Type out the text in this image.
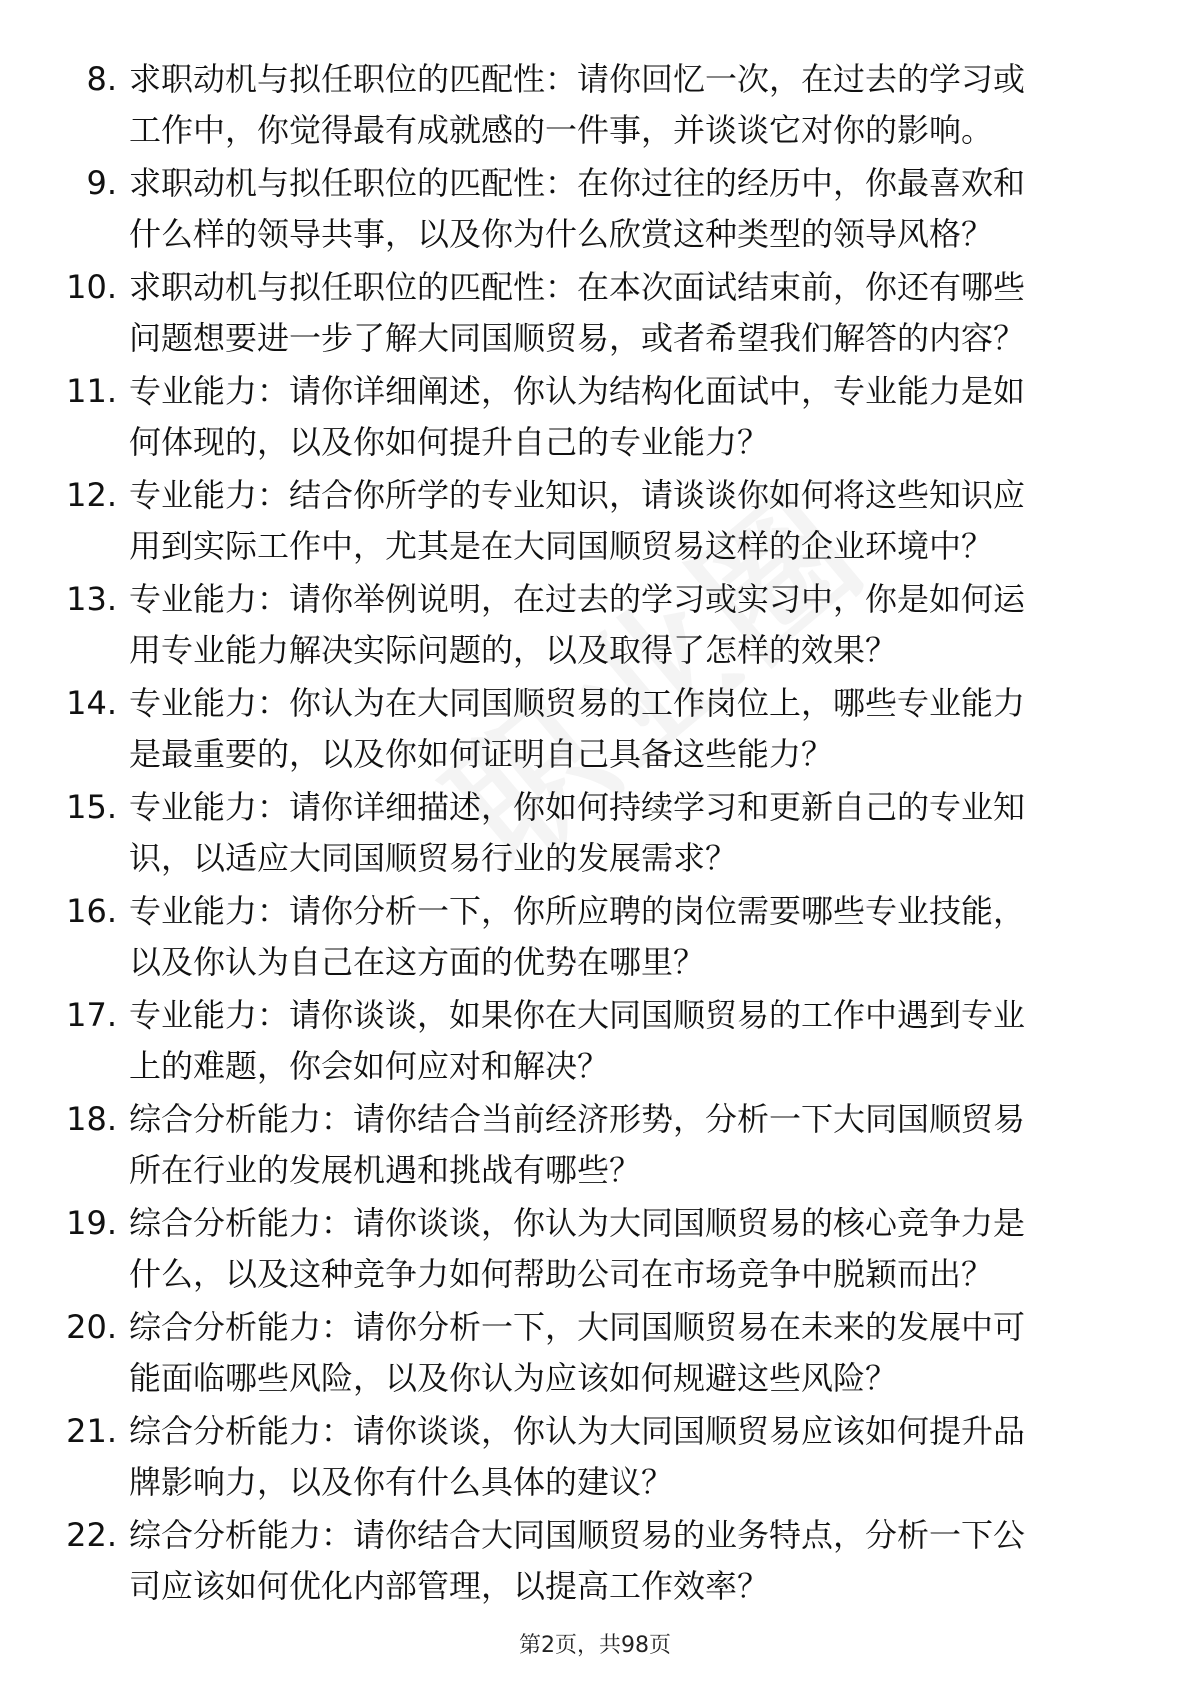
8. 求职动机与拟任职位的匹配性：请你回忆一次，在过去的学习或
工作中，你觉得最有成就感的一件事，并谈谈它对你的影响。
9. 求职动机与拟任职位的匹配性：在你过往的经历中，你最喜欢和
什么样的领导共事，以及你为什么欣赏这种类型的领导风格？
10. 求职动机与拟任职位的匹配性：在本次面试结束前，你还有哪些
问题想要进一步了解大同国顺贸易，或者希望我们解答的内容？
11. 专业能力：请你详细阐述，你认为结构化面试中，专业能力是如
何体现的，以及你如何提升自己的专业能力？
12. 专业能力：结合你所学的专业知识，请谈谈你如何将这些知识应
用到实际工作中，尤其是在大同国顺贸易这样的企业环境中？
13. 专业能力：请你举例说明，在过去的学习或实习中，你是如何运
用专业能力解决实际问题的，以及取得了怎样的效果？
14. 专业能力：你认为在大同国顺贸易的工作岗位上，哪些专业能力
是最重要的，以及你如何证明自己具备这些能力？
15. 专业能力：请你详细描述，你如何持续学习和更新自己的专业知
识，以适应大同国顺贸易行业的发展需求？
16. 专业能力：请你分析一下，你所应聘的岗位需要哪些专业技能，
以及你认为自己在这方面的优势在哪里？
17. 专业能力：请你谈谈，如果你在大同国顺贸易的工作中遇到专业
上的难题，你会如何应对和解决？
18. 综合分析能力：请你结合当前经济形势，分析一下大同国顺贸易
所在行业的发展机遇和挑战有哪些？
19. 综合分析能力：请你谈谈，你认为大同国顺贸易的核心竞争力是
什么，以及这种竞争力如何帮助公司在市场竞争中脱颖而出？
20. 综合分析能力：请你分析一下，大同国顺贸易在未来的发展中可
能面临哪些风险，以及你认为应该如何规避这些风险？
21. 综合分析能力：请你谈谈，你认为大同国顺贸易应该如何提升品
牌影响力，以及你有什么具体的建议？
22. 综合分析能力：请你结合大同国顺贸易的业务特点，分析一下公
司应该如何优化内部管理，以提高工作效率？
第2页，共98页
